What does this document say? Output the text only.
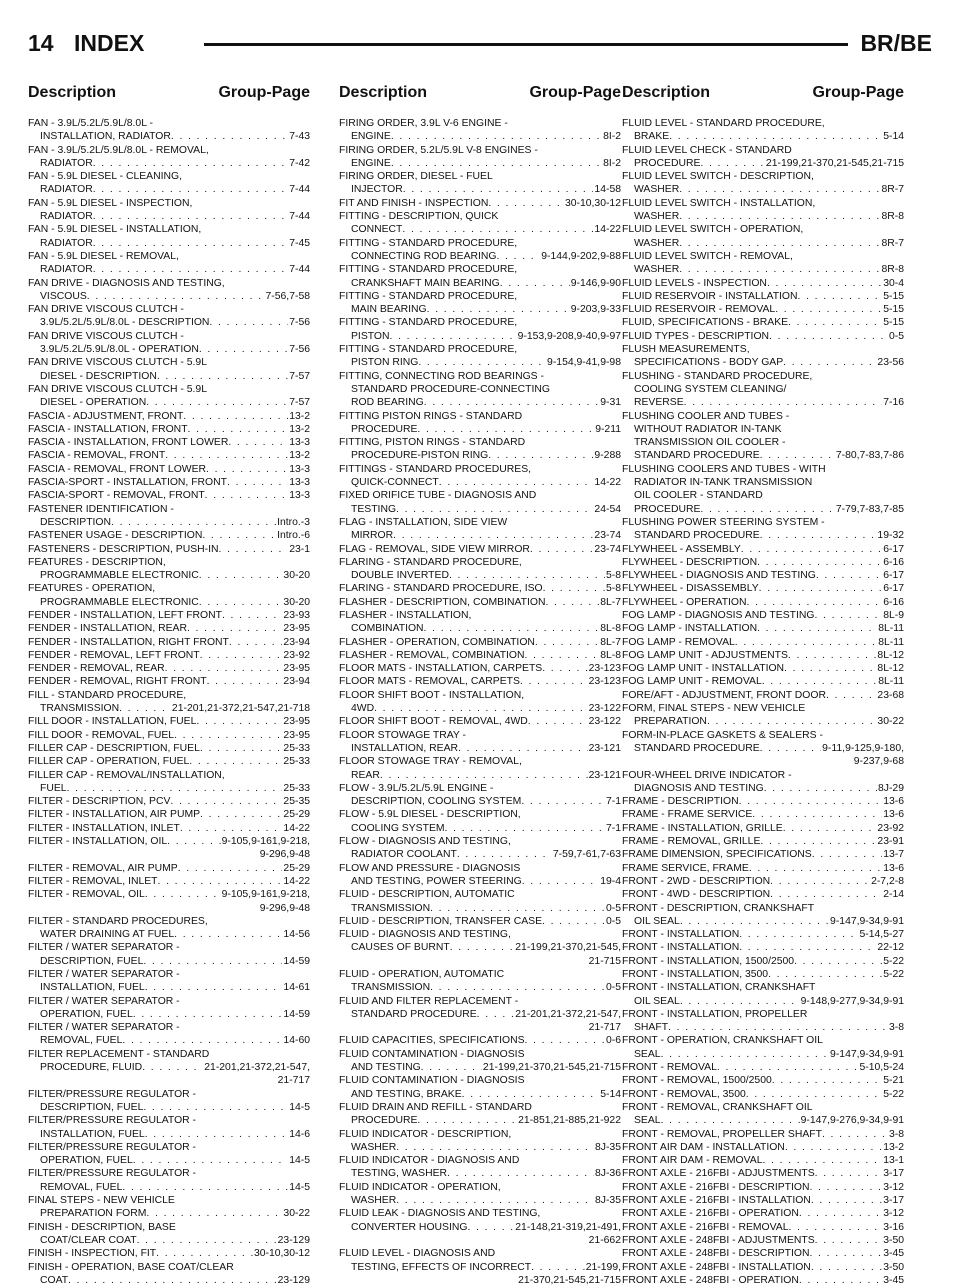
14 INDEX	BR/BE
Description	Group-Page Description	Group-Page Description	Group-Page
FAN - 3.9L/5.2L/5.9L/8.0L -
INSTALLATION, RADIATOR . . .	7-43
FAN - 3.9L/5.2L/5.9L/8.0L - REMOVAL,
RADIATOR . . .	7-42
FAN - 5.9L DIESEL - CLEANING,
RADIATOR . . .	7-44
FAN - 5.9L DIESEL - INSPECTION,
RADIATOR . . .	7-44
FAN - 5.9L DIESEL - INSTALLATION,
RADIATOR . . .	7-45
FAN - 5.9L DIESEL - REMOVAL,
RADIATOR . . .	7-44
FAN DRIVE - DIAGNOSIS AND TESTING,
VISCOUS . . .	7-56,7-58
FAN DRIVE VISCOUS CLUTCH -
3.9L/5.2L/5.9L/8.0L - DESCRIPTION . . .	7-56
FAN DRIVE VISCOUS CLUTCH -
3.9L/5.2L/5.9L/8.0L - OPERATION . . .	7-56
FAN DRIVE VISCOUS CLUTCH - 5.9L
DIESEL - DESCRIPTION . . .	7-57
FAN DRIVE VISCOUS CLUTCH - 5.9L
DIESEL - OPERATION . . .	7-57
FASCIA - ADJUSTMENT, FRONT . . .	13-2
FASCIA - INSTALLATION, FRONT . . .	13-2
FASCIA - INSTALLATION, FRONT LOWER . . .	13-3
FASCIA - REMOVAL, FRONT . . .	13-2
FASCIA - REMOVAL, FRONT LOWER . . .	13-3
FASCIA-SPORT - INSTALLATION, FRONT . . .	13-3
FASCIA-SPORT - REMOVAL, FRONT . . .	13-3
FASTENER IDENTIFICATION -
DESCRIPTION . . .	Intro.-3
FASTENER USAGE - DESCRIPTION . . .	Intro.-6
FASTENERS - DESCRIPTION, PUSH-IN . . .	23-1
FEATURES - DESCRIPTION,
PROGRAMMABLE ELECTRONIC . . .	30-20
FEATURES - OPERATION,
PROGRAMMABLE ELECTRONIC . . .	30-20
FENDER - INSTALLATION, LEFT FRONT . . .	23-93
FENDER - INSTALLATION, REAR . . .	23-95
FENDER - INSTALLATION, RIGHT FRONT . . .	23-94
FENDER - REMOVAL, LEFT FRONT . . .	23-92
FENDER - REMOVAL, REAR . . .	23-95
FENDER - REMOVAL, RIGHT FRONT . . .	23-94
FILL - STANDARD PROCEDURE,
TRANSMISSION . . .	21-201,21-372,21-547,21-718
FILL DOOR - INSTALLATION, FUEL . . .	23-95
FILL DOOR - REMOVAL, FUEL . . .	23-95
FILLER CAP - DESCRIPTION, FUEL . . .	25-33
FILLER CAP - OPERATION, FUEL . . .	25-33
FILLER CAP - REMOVAL/INSTALLATION,
FUEL . . .	25-33
FILTER - DESCRIPTION, PCV . . .	25-35
FILTER - INSTALLATION, AIR PUMP . . .	25-29
FILTER - INSTALLATION, INLET . . .	14-22
FILTER - INSTALLATION, OIL . . .	9-105,9-161,9-218,
9-296,9-48
FILTER - REMOVAL, AIR PUMP . . .	25-29
FILTER - REMOVAL, INLET . . .	14-22
FILTER - REMOVAL, OIL . . .	9-105,9-161,9-218,
9-296,9-48
FILTER - STANDARD PROCEDURES,
WATER DRAINING AT FUEL . . .	14-56
FILTER / WATER SEPARATOR -
DESCRIPTION, FUEL . . .	14-59
FILTER / WATER SEPARATOR -
INSTALLATION, FUEL . . .	14-61
FILTER / WATER SEPARATOR -
OPERATION, FUEL . . .	14-59
FILTER / WATER SEPARATOR -
REMOVAL, FUEL . . .	14-60
FILTER REPLACEMENT - STANDARD
PROCEDURE, FLUID . . .	21-201,21-372,21-547,
21-717
FILTER/PRESSURE REGULATOR -
DESCRIPTION, FUEL . . .	14-5
FILTER/PRESSURE REGULATOR -
INSTALLATION, FUEL . . .	14-6
FILTER/PRESSURE REGULATOR -
OPERATION, FUEL . . .	14-5
FILTER/PRESSURE REGULATOR -
REMOVAL, FUEL . . .	14-5
FINAL STEPS - NEW VEHICLE
PREPARATION FORM . . .	30-22
FINISH - DESCRIPTION, BASE
COAT/CLEAR COAT . . .	23-129
FINISH - INSPECTION, FIT . . .	30-10,30-12
FINISH - OPERATION, BASE COAT/CLEAR
COAT . . .	23-129
FIRING ORDER, 3.9L V-6 ENGINE -
ENGINE . . .	8I-2
FIRING ORDER, 5.2L/5.9L V-8 ENGINES -
ENGINE . . .	8I-2
FIRING ORDER, DIESEL - FUEL
INJECTOR . . .	14-58
FIT AND FINISH - INSPECTION . . .	30-10,30-12
FITTING - DESCRIPTION, QUICK
CONNECT . . .	14-22
FITTING - STANDARD PROCEDURE,
CONNECTING ROD BEARING . . .	9-144,9-202,9-88
FITTING - STANDARD PROCEDURE,
CRANKSHAFT MAIN BEARING . . .	9-146,9-90
FITTING - STANDARD PROCEDURE,
MAIN BEARING . . .	9-203,9-33
FITTING - STANDARD PROCEDURE,
PISTON . . .	9-153,9-208,9-40,9-97
FITTING - STANDARD PROCEDURE,
PISTON RING . . .	9-154,9-41,9-98
FITTING, CONNECTING ROD BEARINGS -
STANDARD PROCEDURE-CONNECTING
ROD BEARING . . .	9-31
FITTING PISTON RINGS - STANDARD
PROCEDURE . . .	9-211
FITTING, PISTON RINGS - STANDARD
PROCEDURE-PISTON RING . . .	9-288
FITTINGS - STANDARD PROCEDURES,
QUICK-CONNECT . . .	14-22
FIXED ORIFICE TUBE - DIAGNOSIS AND
TESTING . . .	24-54
FLAG - INSTALLATION, SIDE VIEW
MIRROR . . .	23-74
FLAG - REMOVAL, SIDE VIEW MIRROR . . .	23-74
FLARING - STANDARD PROCEDURE,
DOUBLE INVERTED . . .	5-8
FLARING - STANDARD PROCEDURE, ISO . . .	5-8
FLASHER - DESCRIPTION, COMBINATION . . .	8L-7
FLASHER - INSTALLATION,
COMBINATION . . .	8L-8
FLASHER - OPERATION, COMBINATION . . .	8L-7
FLASHER - REMOVAL, COMBINATION . . .	8L-8
FLOOR MATS - INSTALLATION, CARPETS . . .	23-123
FLOOR MATS - REMOVAL, CARPETS . . .	23-123
FLOOR SHIFT BOOT - INSTALLATION,
4WD . . .	23-122
FLOOR SHIFT BOOT - REMOVAL, 4WD . . .	23-122
FLOOR STOWAGE TRAY -
INSTALLATION, REAR . . .	23-121
FLOOR STOWAGE TRAY - REMOVAL,
REAR . . .	23-121
FLOW - 3.9L/5.2L/5.9L ENGINE -
DESCRIPTION, COOLING SYSTEM . . .	7-1
FLOW - 5.9L DIESEL - DESCRIPTION,
COOLING SYSTEM . . .	7-1
FLOW - DIAGNOSIS AND TESTING,
RADIATOR COOLANT . . .	7-59,7-61,7-63
FLOW AND PRESSURE - DIAGNOSIS
AND TESTING, POWER STEERING . . .	19-4
FLUID - DESCRIPTION, AUTOMATIC
TRANSMISSION . . .	0-5
FLUID - DESCRIPTION, TRANSFER CASE . . .	0-5
FLUID - DIAGNOSIS AND TESTING,
CAUSES OF BURNT . . .	21-199,21-370,21-545,
21-715
FLUID - OPERATION, AUTOMATIC
TRANSMISSION . . .	0-5
FLUID AND FILTER REPLACEMENT -
STANDARD PROCEDURE . . .	21-201,21-372,21-547,
21-717
FLUID CAPACITIES, SPECIFICATIONS . . .	0-6
FLUID CONTAMINATION - DIAGNOSIS
AND TESTING . . .	21-199,21-370,21-545,21-715
FLUID CONTAMINATION - DIAGNOSIS
AND TESTING, BRAKE . . .	5-14
FLUID DRAIN AND REFILL - STANDARD
PROCEDURE . . .	21-851,21-885,21-922
FLUID INDICATOR - DESCRIPTION,
WASHER . . .	8J-35
FLUID INDICATOR - DIAGNOSIS AND
TESTING, WASHER . . .	8J-36
FLUID INDICATOR - OPERATION,
WASHER . . .	8J-35
FLUID LEAK - DIAGNOSIS AND TESTING,
CONVERTER HOUSING . . .	21-148,21-319,21-491,
21-662
FLUID LEVEL - DIAGNOSIS AND
TESTING, EFFECTS OF INCORRECT . . .	21-199,
21-370,21-545,21-715
FLUID LEVEL - STANDARD PROCEDURE,
BRAKE . . .	5-14
FLUID LEVEL CHECK - STANDARD
PROCEDURE . . .	21-199,21-370,21-545,21-715
FLUID LEVEL SWITCH - DESCRIPTION,
WASHER . . .	8R-7
FLUID LEVEL SWITCH - INSTALLATION,
WASHER . . .	8R-8
FLUID LEVEL SWITCH - OPERATION,
WASHER . . .	8R-7
FLUID LEVEL SWITCH - REMOVAL,
WASHER . . .	8R-8
FLUID LEVELS - INSPECTION . . .	30-4
FLUID RESERVOIR - INSTALLATION . . .	5-15
FLUID RESERVOIR - REMOVAL . . .	5-15
FLUID, SPECIFICATIONS - BRAKE . . .	5-15
FLUID TYPES - DESCRIPTION . . .	0-5
FLUSH MEASUREMENTS,
SPECIFICATIONS - BODY GAP . . .	23-56
FLUSHING - STANDARD PROCEDURE,
COOLING SYSTEM CLEANING/
REVERSE . . .	7-16
FLUSHING COOLER AND TUBES -
WITHOUT RADIATOR IN-TANK
TRANSMISSION OIL COOLER -
STANDARD PROCEDURE . . .	7-80,7-83,7-86
FLUSHING COOLERS AND TUBES - WITH
RADIATOR IN-TANK TRANSMISSION
OIL COOLER - STANDARD
PROCEDURE . . .	7-79,7-83,7-85
FLUSHING POWER STEERING SYSTEM -
STANDARD PROCEDURE . . .	19-32
FLYWHEEL - ASSEMBLY . . .	6-17
FLYWHEEL - DESCRIPTION . . .	6-16
FLYWHEEL - DIAGNOSIS AND TESTING . . .	6-17
FLYWHEEL - DISASSEMBLY . . .	6-17
FLYWHEEL - OPERATION . . .	6-16
FOG LAMP - DIAGNOSIS AND TESTING . . .	8L-9
FOG LAMP - INSTALLATION . . .	8L-11
FOG LAMP - REMOVAL . . .	8L-11
FOG LAMP UNIT - ADJUSTMENTS . . .	8L-12
FOG LAMP UNIT - INSTALLATION . . .	8L-12
FOG LAMP UNIT - REMOVAL . . .	8L-11
FORE/AFT - ADJUSTMENT, FRONT DOOR . . .	23-68
FORM, FINAL STEPS - NEW VEHICLE
PREPARATION . . .	30-22
FORM-IN-PLACE GASKETS & SEALERS -
STANDARD PROCEDURE . . .	9-11,9-125,9-180,
9-237,9-68
FOUR-WHEEL DRIVE INDICATOR -
DIAGNOSIS AND TESTING . . .	8J-29
FRAME - DESCRIPTION . . .	13-6
FRAME - FRAME SERVICE . . .	13-6
FRAME - INSTALLATION, GRILLE . . .	23-92
FRAME - REMOVAL, GRILLE . . .	23-91
FRAME DIMENSION, SPECIFICATIONS . . .	13-7
FRAME SERVICE, FRAME . . .	13-6
FRONT - 2WD - DESCRIPTION . . .	2-7,2-8
FRONT - 4WD - DESCRIPTION . . .	2-14
FRONT - DESCRIPTION, CRANKSHAFT
OIL SEAL . . .	9-147,9-34,9-91
FRONT - INSTALLATION . . .	5-14,5-27
FRONT - INSTALLATION . . .	22-12
FRONT - INSTALLATION, 1500/2500 . . .	5-22
FRONT - INSTALLATION, 3500 . . .	5-22
FRONT - INSTALLATION, CRANKSHAFT
OIL SEAL . . .	9-148,9-277,9-34,9-91
FRONT - INSTALLATION, PROPELLER
SHAFT . . .	3-8
FRONT - OPERATION, CRANKSHAFT OIL
SEAL . . .	9-147,9-34,9-91
FRONT - REMOVAL . . .	5-10,5-24
FRONT - REMOVAL, 1500/2500 . . .	5-21
FRONT - REMOVAL, 3500 . . .	5-22
FRONT - REMOVAL, CRANKSHAFT OIL
SEAL . . .	9-147,9-276,9-34,9-91
FRONT - REMOVAL, PROPELLER SHAFT . . .	3-8
FRONT AIR DAM - INSTALLATION . . .	13-2
FRONT AIR DAM - REMOVAL . . .	13-1
FRONT AXLE - 216FBI - ADJUSTMENTS . . .	3-17
FRONT AXLE - 216FBI - DESCRIPTION . . .	3-12
FRONT AXLE - 216FBI - INSTALLATION . . .	3-17
FRONT AXLE - 216FBI - OPERATION . . .	3-12
FRONT AXLE - 216FBI - REMOVAL . . .	3-16
FRONT AXLE - 248FBI - ADJUSTMENTS . . .	3-50
FRONT AXLE - 248FBI - DESCRIPTION . . .	3-45
FRONT AXLE - 248FBI - INSTALLATION . . .	3-50
FRONT AXLE - 248FBI - OPERATION . . .	3-45
